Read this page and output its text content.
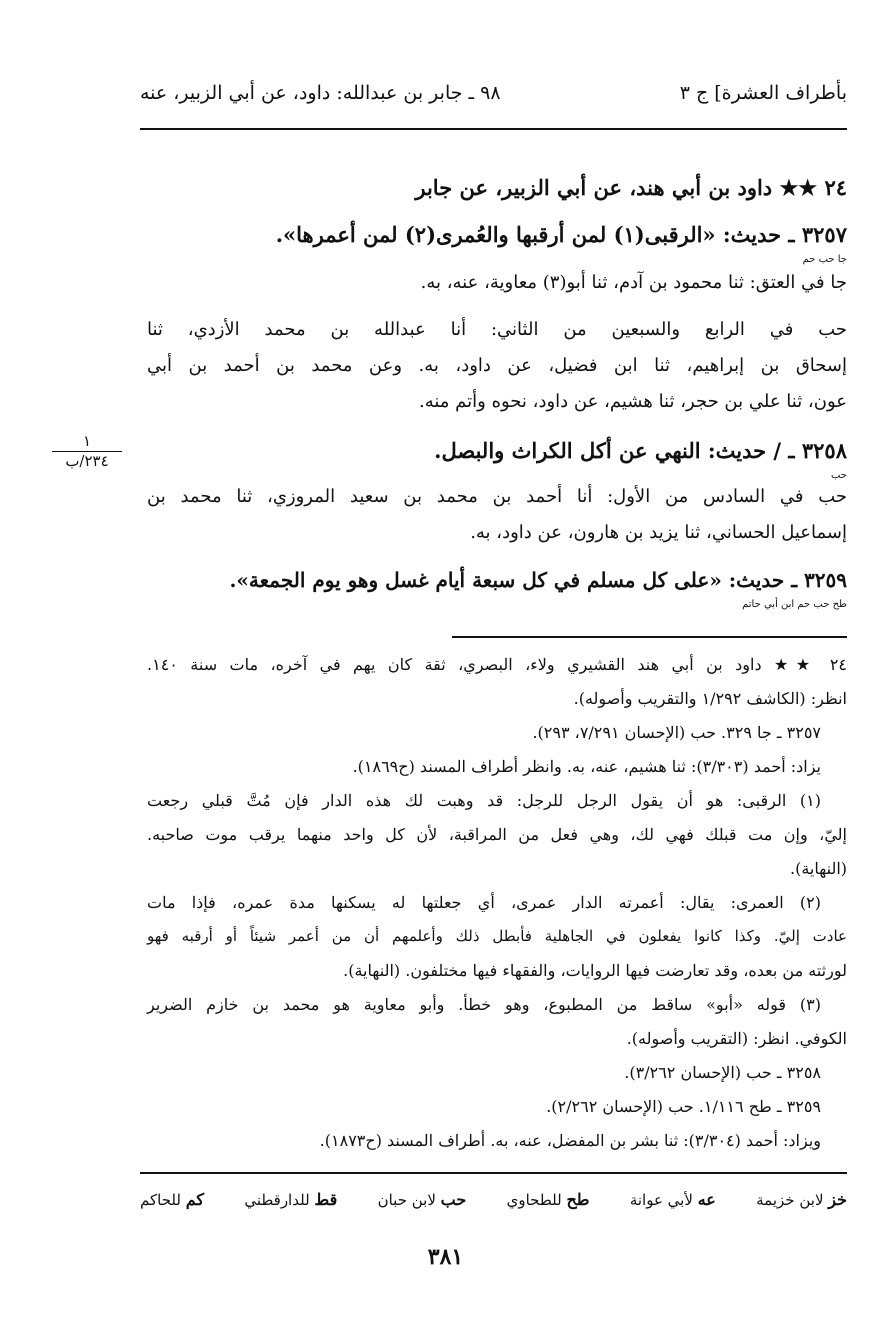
بأطراف العشرة] ج ٣
٩٨ ـ جابر بن عبدالله: داود، عن أبي الزبير، عنه
٢٤ ★★ داود بن أبي هند، عن أبي الزبير، عن جابر
٣٢٥٧ ـ حديث: «الرقبى(١) لمن أرقبها والعُمرى(٢) لمن أعمرها».
جا حب حم
جا في العتق: ثنا محمود بن آدم، ثنا أبو(٣) معاوية، عنه، به.
حب في الرابع والسبعين من الثاني: أنا عبدالله بن محمد الأزدي، ثنا
إسحاق بن إبراهيم، ثنا ابن فضيل، عن داود، به. وعن محمد بن أحمد بن أبي
عون، ثنا علي بن حجر، ثنا هشيم، عن داود، نحوه وأتم منه.
١
٢٣٤/ب	٣٢٥٨ ـ / حديث: النهي عن أكل الكراث والبصل.
حب
حب في السادس من الأول: أنا أحمد بن محمد بن سعيد المروزي، ثنا محمد بن
إسماعيل الحساني، ثنا يزيد بن هارون، عن داود، به.
٣٢٥٩ ـ حديث: «على كل مسلم في كل سبعة أيام غسل وهو يوم الجمعة».
طح حب حم ابن أبي حاتم
٢٤ ★★ داود بن أبي هند القشيري ولاء، البصري، ثقة كان يهم في آخره، مات سنة ١٤٠.
انظر: (الكاشف ١/٢٩٢ والتقريب وأصوله).
٣٢٥٧ ـ جا ٣٢٩. حب (الإحسان ٧/٢٩١، ٢٩٣).
يزاد: أحمد (٣/٣٠٣): ثنا هشيم، عنه، به. وانظر أطراف المسند (ح١٨٦٩).
(١) الرقبى: هو أن يقول الرجل للرجل: قد وهبت لك هذه الدار فإن مُتَّ قبلي رجعت
إليّ، وإن مت قبلك فهي لك، وهي فعل من المراقبة، لأن كل واحد منهما يرقب موت صاحبه.
(النهاية).
(٢) العمرى: يقال: أعمرته الدار عمرى، أي جعلتها له يسكنها مدة عمره، فإذا مات
عادت إليّ. وكذا كانوا يفعلون في الجاهلية فأبطل ذلك وأعلمهم أن من أعمر شيئاً أو أرقبه فهو
لورثته من بعده، وقد تعارضت فيها الروايات، والفقهاء فيها مختلفون. (النهاية).
(٣) قوله «أبو» ساقط من المطبوع، وهو خطأ. وأبو معاوية هو محمد بن خازم الضرير
الكوفي. انظر: (التقريب وأصوله).
٣٢٥٨ ـ حب (الإحسان ٣/٢٦٢).
٣٢٥٩ ـ طح ١/١١٦. حب (الإحسان ٢/٢٦٢).
ويزاد: أحمد (٣/٣٠٤): ثنا بشر بن المفضل، عنه، به. أطراف المسند (ح١٨٧٣).
خز لابن خزيمة
عه لأبي عوانة
طح للطحاوي
حب لابن حبان
قط للدارقطني
كم للحاكم
٣٨١
